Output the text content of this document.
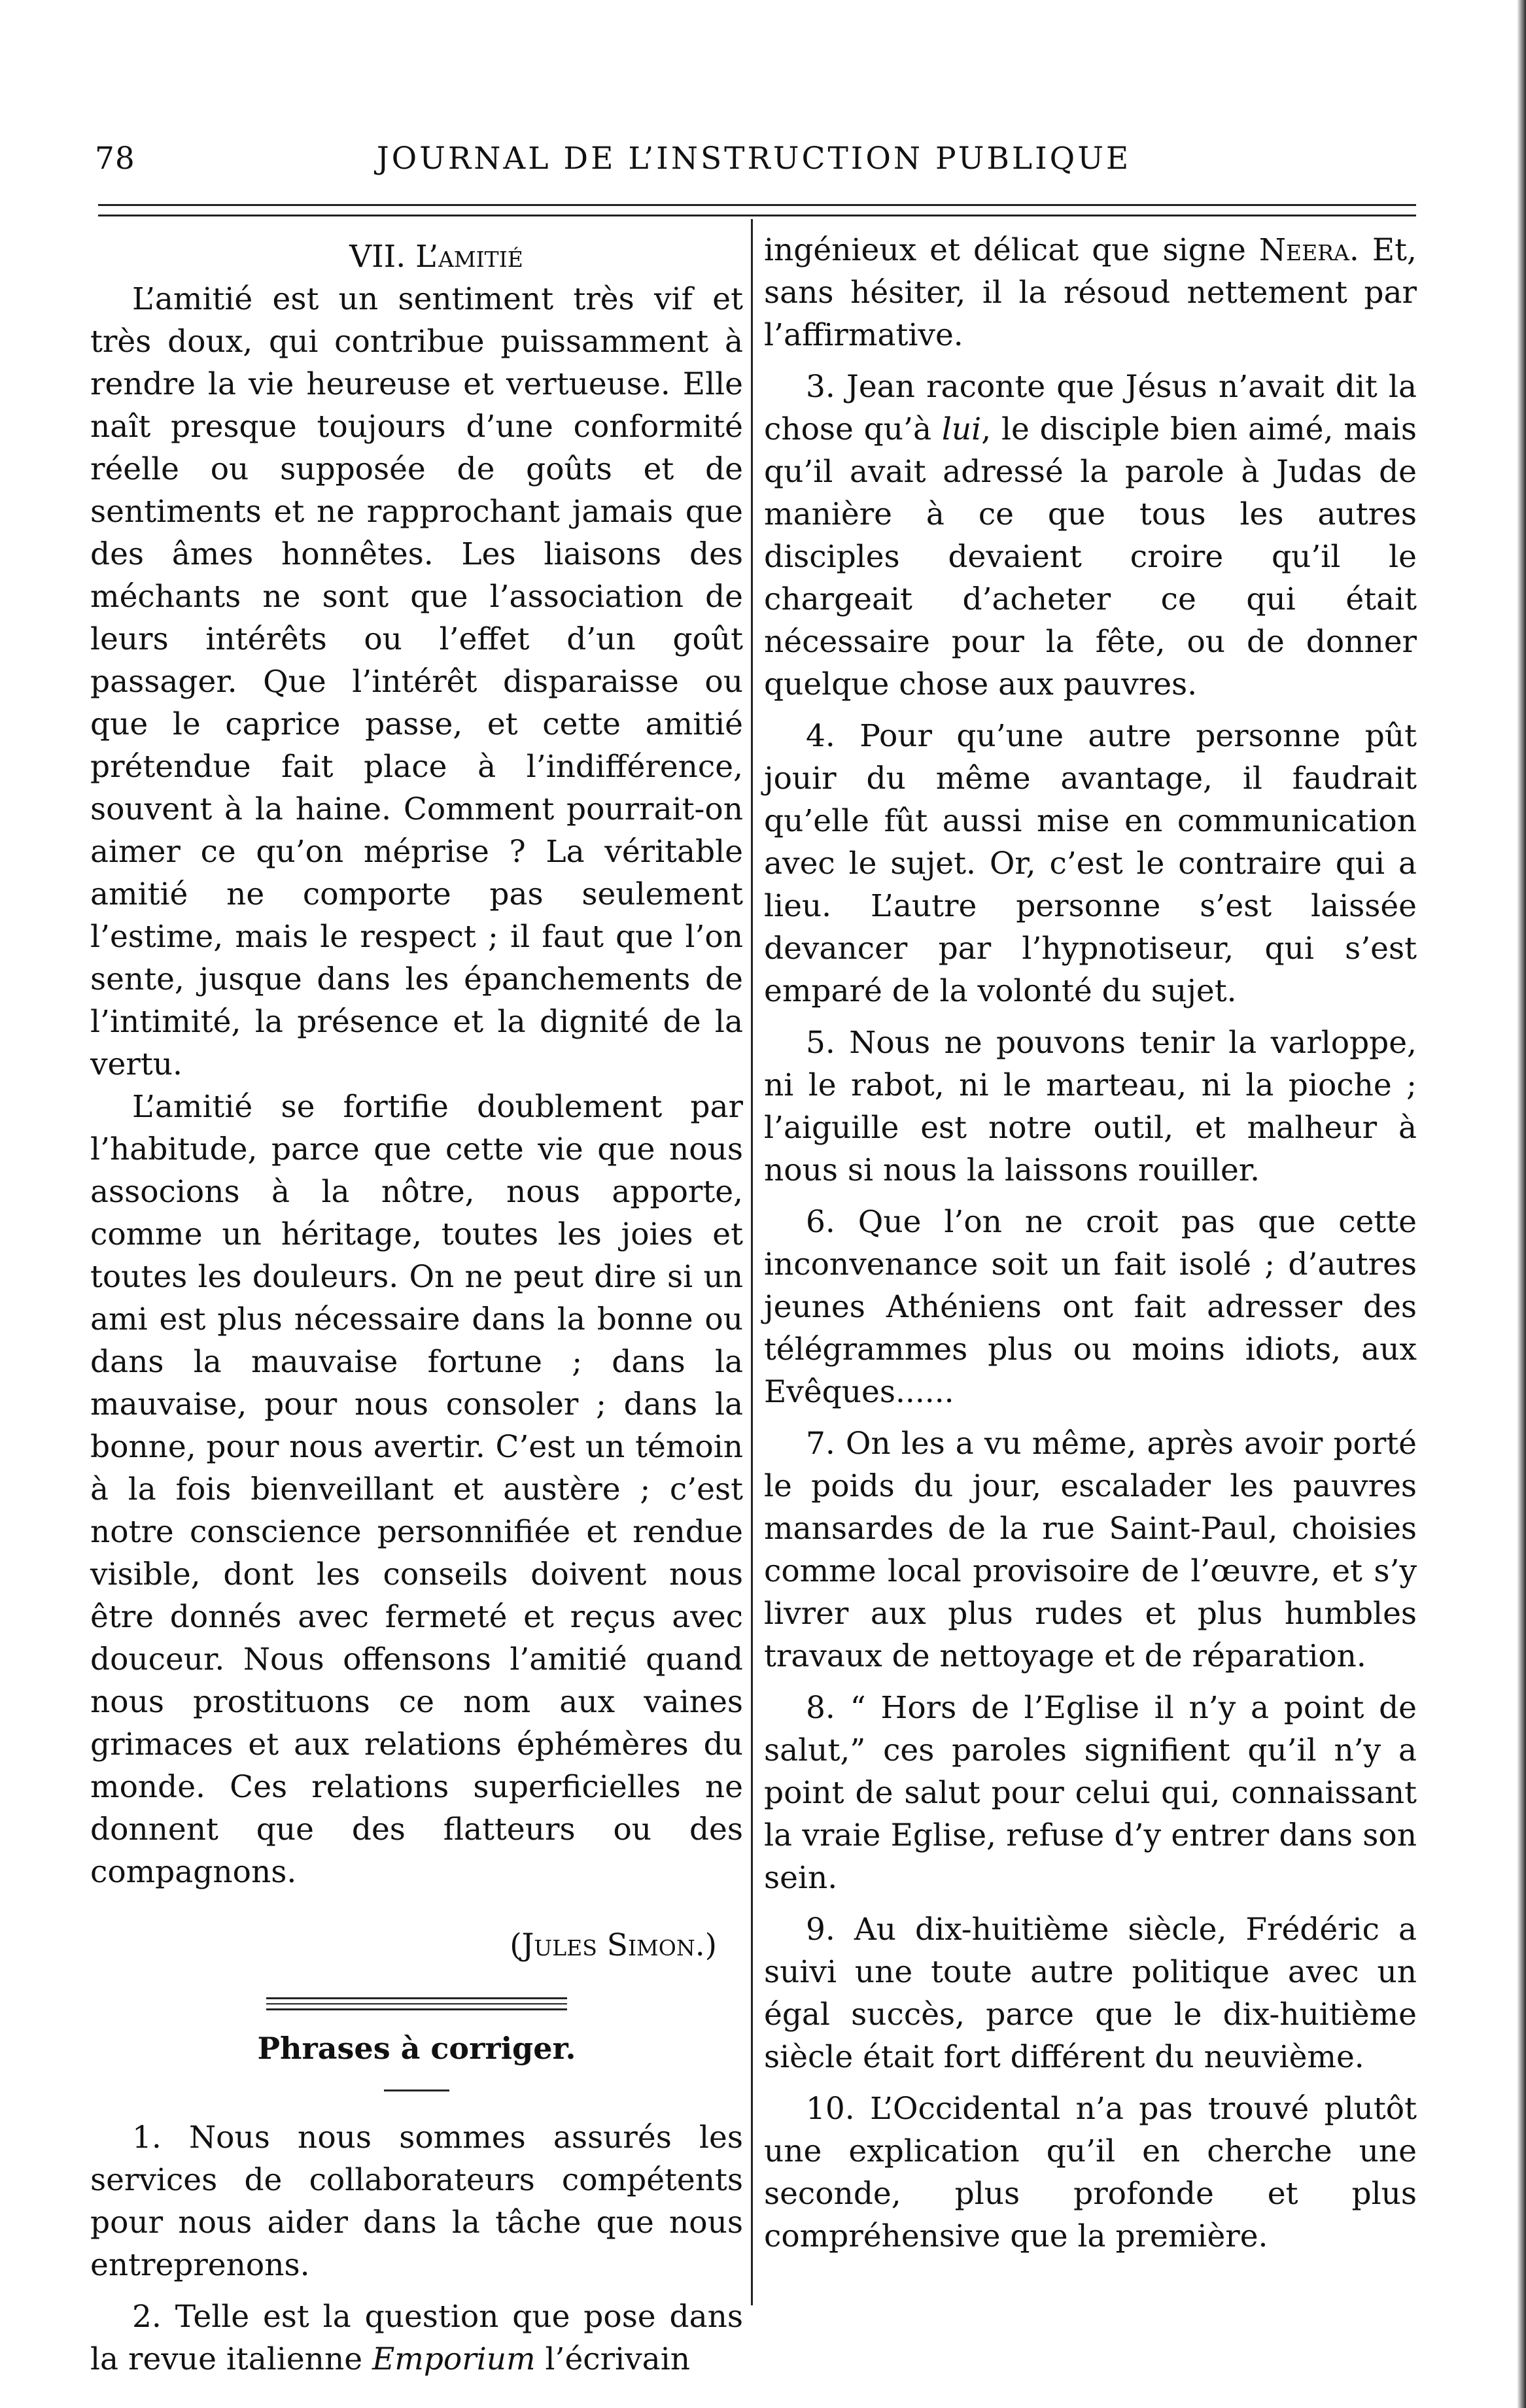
78	JOURNAL DE L’INSTRUCTION PUBLIQUE

VII. L’amitié

L’amitié est un sentiment très vif et très doux, qui contribue puissamment à rendre la vie heureuse et vertueuse. Elle naît presque toujours d’une conformité réelle ou supposée de goûts et de sentiments et ne rapprochant jamais que des âmes honnêtes. Les liaisons des méchants ne sont que l’association de leurs intérêts ou l’effet d’un goût passager. Que l’intérêt disparaisse ou que le caprice passe, et cette amitié prétendue fait place à l’indifférence, souvent à la haine. Comment pourrait-on aimer ce qu’on méprise ? La véritable amitié ne comporte pas seulement l’estime, mais le respect ; il faut que l’on sente, jusque dans les épanchements de l’intimité, la présence et la dignité de la vertu.

L’amitié se fortifie doublement par l’habitude, parce que cette vie que nous associons à la nôtre, nous apporte, comme un héritage, toutes les joies et toutes les douleurs. On ne peut dire si un ami est plus nécessaire dans la bonne ou dans la mauvaise fortune ; dans la mauvaise, pour nous consoler ; dans la bonne, pour nous avertir. C’est un témoin à la fois bienveillant et austère ; c’est notre conscience personnifiée et rendue visible, dont les conseils doivent nous être donnés avec fermeté et reçus avec douceur. Nous offensons l’amitié quand nous prostituons ce nom aux vaines grimaces et aux relations éphémères du monde. Ces relations superficielles ne donnent que des flatteurs ou des compagnons.

(Jules Simon.)

Phrases à corriger.

1. Nous nous sommes assurés les services de collaborateurs compétents pour nous aider dans la tâche que nous entreprenons.

2. Telle est la question que pose dans la revue italienne Emporium l’écrivain

ingénieux et délicat que signe Neera. Et, sans hésiter, il la résoud nettement par l’affirmative.

3. Jean raconte que Jésus n’avait dit la chose qu’à lui, le disciple bien aimé, mais qu’il avait adressé la parole à Judas de manière à ce que tous les autres disciples devaient croire qu’il le chargeait d’acheter ce qui était nécessaire pour la fête, ou de donner quelque chose aux pauvres.

4. Pour qu’une autre personne pût jouir du même avantage, il faudrait qu’elle fût aussi mise en communication avec le sujet. Or, c’est le contraire qui a lieu. L’autre personne s’est laissée devancer par l’hypnotiseur, qui s’est emparé de la volonté du sujet.

5. Nous ne pouvons tenir la varloppe, ni le rabot, ni le marteau, ni la pioche ; l’aiguille est notre outil, et malheur à nous si nous la laissons rouiller.

6. Que l’on ne croit pas que cette inconvenance soit un fait isolé ; d’autres jeunes Athéniens ont fait adresser des télégrammes plus ou moins idiots, aux Evêques......

7. On les a vu même, après avoir porté le poids du jour, escalader les pauvres mansardes de la rue Saint-Paul, choisies comme local provisoire de l’œuvre, et s’y livrer aux plus rudes et plus humbles travaux de nettoyage et de réparation.

8. “ Hors de l’Eglise il n’y a point de salut,” ces paroles signifient qu’il n’y a point de salut pour celui qui, connaissant la vraie Eglise, refuse d’y entrer dans son sein.

9. Au dix-huitième siècle, Frédéric a suivi une toute autre politique avec un égal succès, parce que le dix-huitième siècle était fort différent du neuvième.

10. L’Occidental n’a pas trouvé plutôt une explication qu’il en cherche une seconde, plus profonde et plus compréhensive que la première.
